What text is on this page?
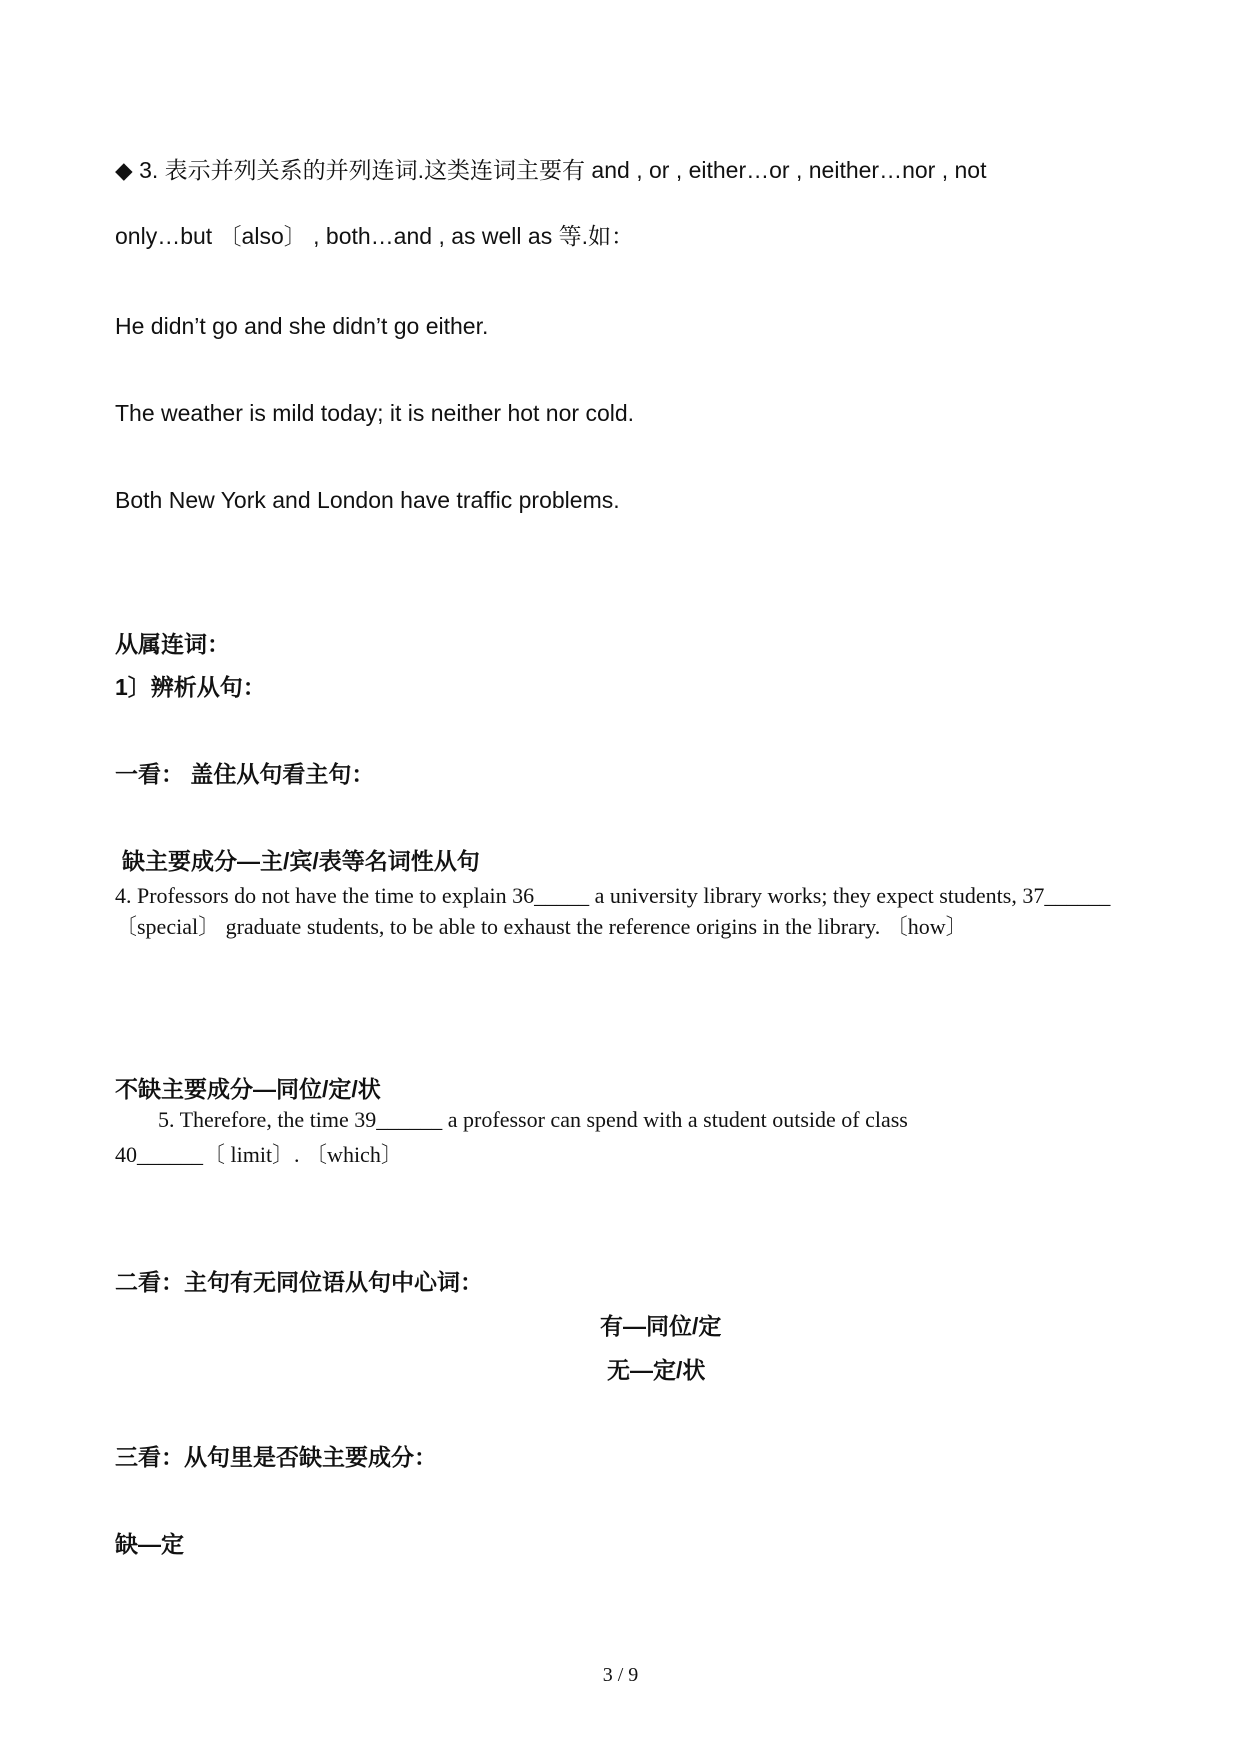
◆ 3. 表示并列关系的并列连词.这类连词主要有 and , or , either…or , neither…nor , not
only…but 〔also〕 , both…and , as well as 等.如：
He didn’t go and she didn’t go either.
The weather is mild today; it is neither hot nor cold.
Both New York and London have traffic problems.
从属连词：
1〕辨析从句：
一看： 盖住从句看主句：
缺主要成分—主/宾/表等名词性从句
4. Professors do not have the time to explain 36_____ a university library works; they expect students, 37______〔special〕 graduate students, to be able to exhaust the reference origins in the library. 〔how〕
不缺主要成分—同位/定/状
5. Therefore, the time 39______ a professor can spend with a student outside of class
40______〔 limit〕. 〔which〕
二看：主句有无同位语从句中心词：
有—同位/定
无—定/状
三看：从句里是否缺主要成分：
缺—定
3 / 9
